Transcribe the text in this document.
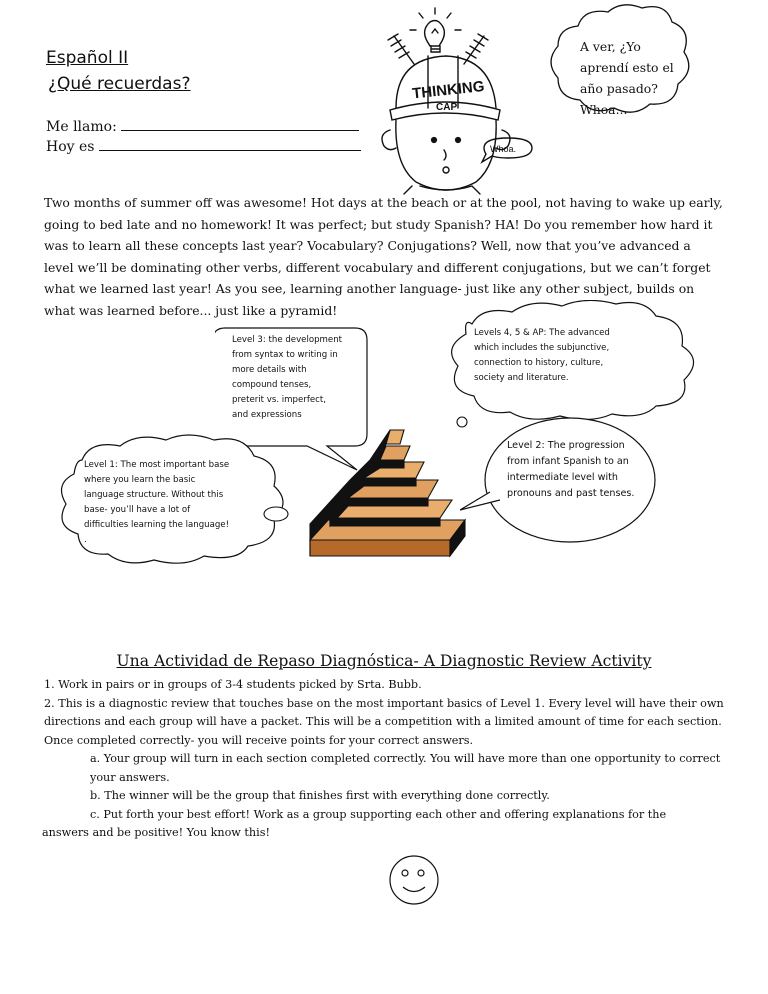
Español II
¿Qué recuerdas?
Me llamo:
Hoy es
THINKING
CAP
Whoa.
A ver, ¿Yo
aprendí esto el
año pasado?
Whoa...
Two months of summer off was awesome! Hot days at the beach or at the pool, not having to wake up early, going to bed late and no homework! It was perfect; but study Spanish? HA! Do you remember how hard it was to learn all these concepts last year? Vocabulary? Conjugations? Well, now that you’ve advanced a level we’ll be dominating other verbs, different vocabulary and different conjugations, but we can’t forget what we learned last year! As you see, learning another language- just like any other subject, builds on what was learned before... just like a pyramid!
Level 3: the development
from syntax to writing in
more details with
compound tenses,
preterit vs. imperfect,
and expressions
Levels 4, 5 & AP: The advanced
which includes the subjunctive,
connection to history, culture,
society and literature.
Level 2: The progression
from infant Spanish to an
intermediate level with
pronouns and past tenses.
Level 1: The most important base
where you learn the basic
language structure. Without this
base- you’ll have a lot of
difficulties learning the language!
.
Una Actividad de Repaso Diagnóstica- A Diagnostic Review Activity
1. Work in pairs or in groups of 3-4 students picked by Srta. Bubb.
2. This is a diagnostic review that touches base on the most important basics of Level 1. Every level will have their own directions and each group will have a packet. This will be a competition with a limited amount of time for each section. Once completed correctly- you will receive points for your correct answers.
a. Your group will turn in each section completed correctly. You will have more than one opportunity to correct your answers.
b. The winner will be the group that finishes first with everything done correctly.
c. Put forth your best effort! Work as a group supporting each other and offering explanations for the
answers and be positive! You know this!
